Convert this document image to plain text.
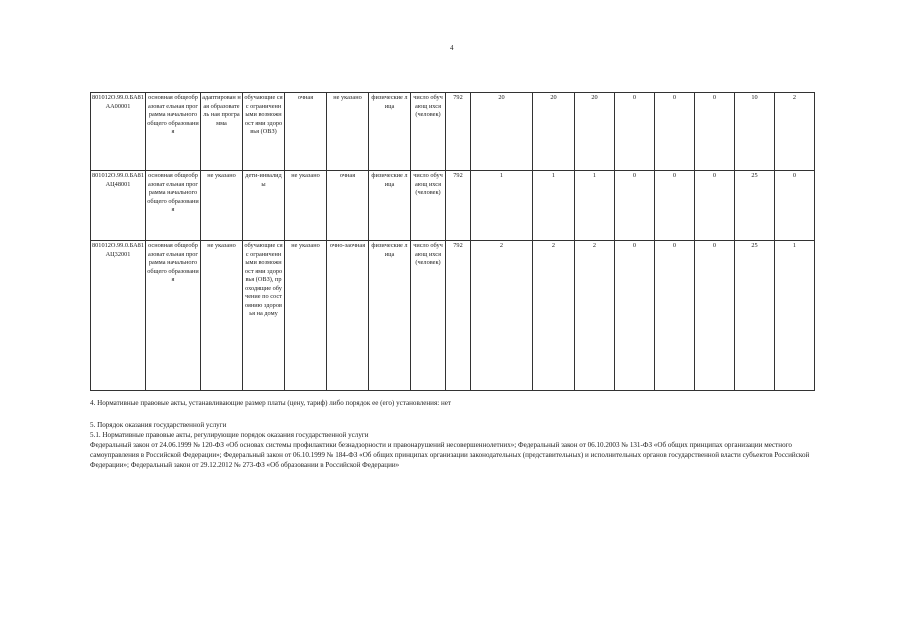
4
801012О.99.0.БА81АА00001	основная общеобразоват ельная программа начального общего образования	адаптирован ная образователь ная программа	обучающие ся с ограниченн ыми возможност ями здоровья (ОВЗ)	очная	не указано	физические лица	число обучающ ихся (человек)	792	20	20	20	0	0	0	10	2
801012О.99.0.БА81АЦ48001	основная общеобразоват ельная программа начального общего образования	не указано	дети-инвалиды	не указано	очная	физические лица	число обучающ ихся (человек)	792	1	1	1	0	0	0	25	0
801012О.99.0.БА81АЦ32001	основная общеобразоват ельная программа начального общего образования	не указано	обучающие ся с ограниченн ыми возможност ями здоровья (ОВЗ), проходящие обучение по состоянию здоровья на дому	не указано	очно-заочная	физические лица	число обучающ ихся (человек)	792	2	2	2	0	0	0	25	1
4. Нормативные правовые акты, устанавливающие размер платы (цену, тариф) либо порядок ее (его) установления: нет
5. Порядок оказания государственной услуги
5.1. Нормативные правовые акты, регулирующие порядок оказания государственной услуги
Федеральный закон от 24.06.1999 № 120-ФЗ «Об основах системы профилактики безнадзорности и правонарушений несовершеннолетних»; Федеральный закон от 06.10.2003 № 131-ФЗ «Об общих принципах организации местного самоуправления в Российской Федерации»; Федеральный закон от 06.10.1999 № 184-ФЗ «Об общих принципах организации законодательных (представительных) и исполнительных органов государственной власти субъектов Российской Федерации»; Федеральный закон от 29.12.2012 № 273-ФЗ «Об образовании в Российской Федерации»
